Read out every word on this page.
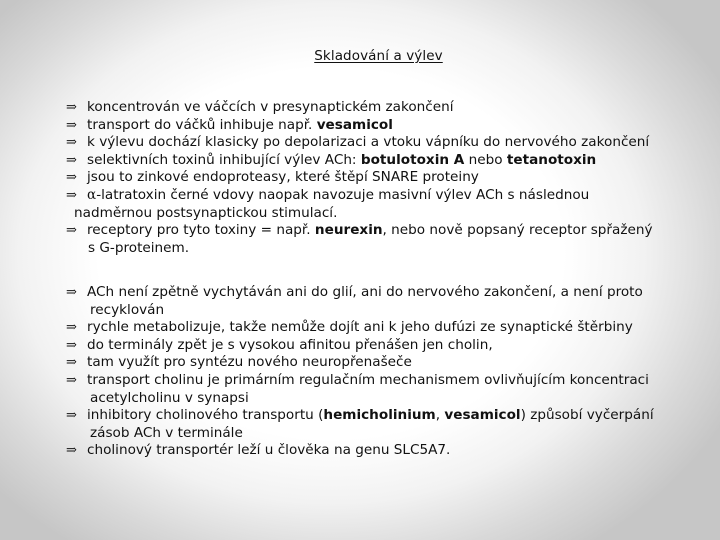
Skladování a výlev
⇒ koncentrován ve váčcích v presynaptickém zakončení
⇒ transport do váčků inhibuje např. vesamicol
⇒ k výlevu dochází klasicky po depolarizaci a vtoku vápníku do nervového zakončení
⇒ selektivních toxinů inhibující výlev ACh: botulotoxin A nebo tetanotoxin
⇒ jsou to zinkové endoproteasy, které štěpí SNARE proteiny
⇒ α-latratoxin černé vdovy naopak navozuje masivní výlev ACh s následnou
nadměrnou postsynaptickou stimulací.
⇒ receptory pro tyto toxiny = např. neurexin, nebo nově popsaný receptor spřažený
s G-proteinem.
⇒ ACh není zpětně vychytáván ani do glií, ani do nervového zakončení, a není proto
recyklován
⇒ rychle metabolizuje, takže nemůže dojít ani k jeho dufúzi ze synaptické štěrbiny
⇒ do terminály zpět je s vysokou afinitou přenášen jen cholin,
⇒ tam využít pro syntézu nového neuropřenašeče
⇒ transport cholinu je primárním regulačním mechanismem ovlivňujícím koncentraci
acetylcholinu v synapsi
⇒ inhibitory cholinového transportu (hemicholinium, vesamicol) způsobí vyčerpání
zásob ACh v terminále
⇒ cholinový transportér leží u člověka na genu SLC5A7.
